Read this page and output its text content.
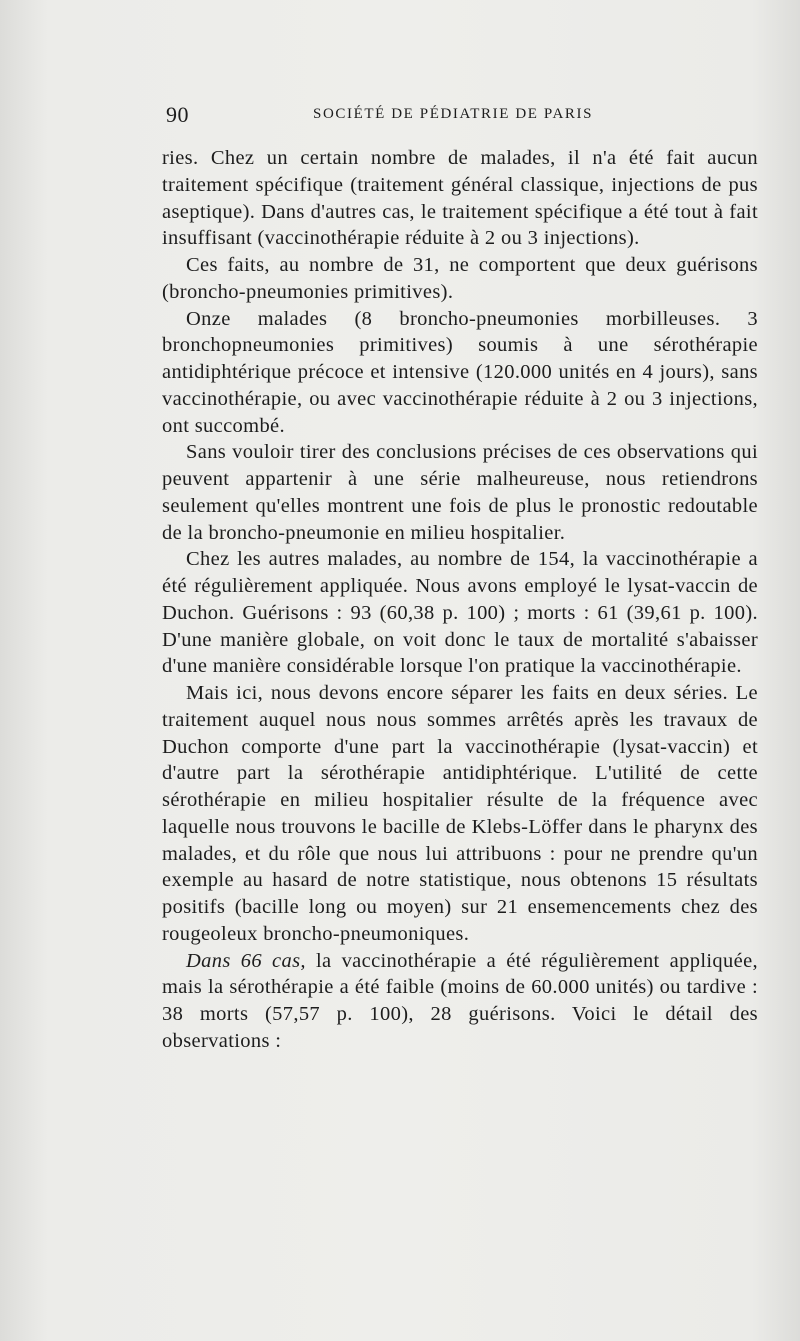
90	SOCIÉTÉ DE PÉDIATRIE DE PARIS

ries. Chez un certain nombre de malades, il n'a été fait aucun traitement spécifique (traitement général classique, injections de pus aseptique). Dans d'autres cas, le traitement spécifique a été tout à fait insuffisant (vaccinothérapie réduite à 2 ou 3 injections).

Ces faits, au nombre de 31, ne comportent que deux guérisons (broncho-pneumonies primitives).

Onze malades (8 broncho-pneumonies morbilleuses. 3 bronchopneumonies primitives) soumis à une sérothérapie antidiphtérique précoce et intensive (120.000 unités en 4 jours), sans vaccinothérapie, ou avec vaccinothérapie réduite à 2 ou 3 injections, ont succombé.

Sans vouloir tirer des conclusions précises de ces observations qui peuvent appartenir à une série malheureuse, nous retiendrons seulement qu'elles montrent une fois de plus le pronostic redoutable de la broncho-pneumonie en milieu hospitalier.

Chez les autres malades, au nombre de 154, la vaccinothérapie a été régulièrement appliquée. Nous avons employé le lysat-vaccin de Duchon. Guérisons : 93 (60,38 p. 100) ; morts : 61 (39,61 p. 100). D'une manière globale, on voit donc le taux de mortalité s'abaisser d'une manière considérable lorsque l'on pratique la vaccinothérapie.

Mais ici, nous devons encore séparer les faits en deux séries. Le traitement auquel nous nous sommes arrêtés après les travaux de Duchon comporte d'une part la vaccinothérapie (lysat-vaccin) et d'autre part la sérothérapie antidiphtérique. L'utilité de cette sérothérapie en milieu hospitalier résulte de la fréquence avec laquelle nous trouvons le bacille de Klebs-Löffer dans le pharynx des malades, et du rôle que nous lui attribuons : pour ne prendre qu'un exemple au hasard de notre statistique, nous obtenons 15 résultats positifs (bacille long ou moyen) sur 21 ensemencements chez des rougeoleux broncho-pneumoniques.

Dans 66 cas, la vaccinothérapie a été régulièrement appliquée, mais la sérothérapie a été faible (moins de 60.000 unités) ou tardive : 38 morts (57,57 p. 100), 28 guérisons. Voici le détail des observations :
